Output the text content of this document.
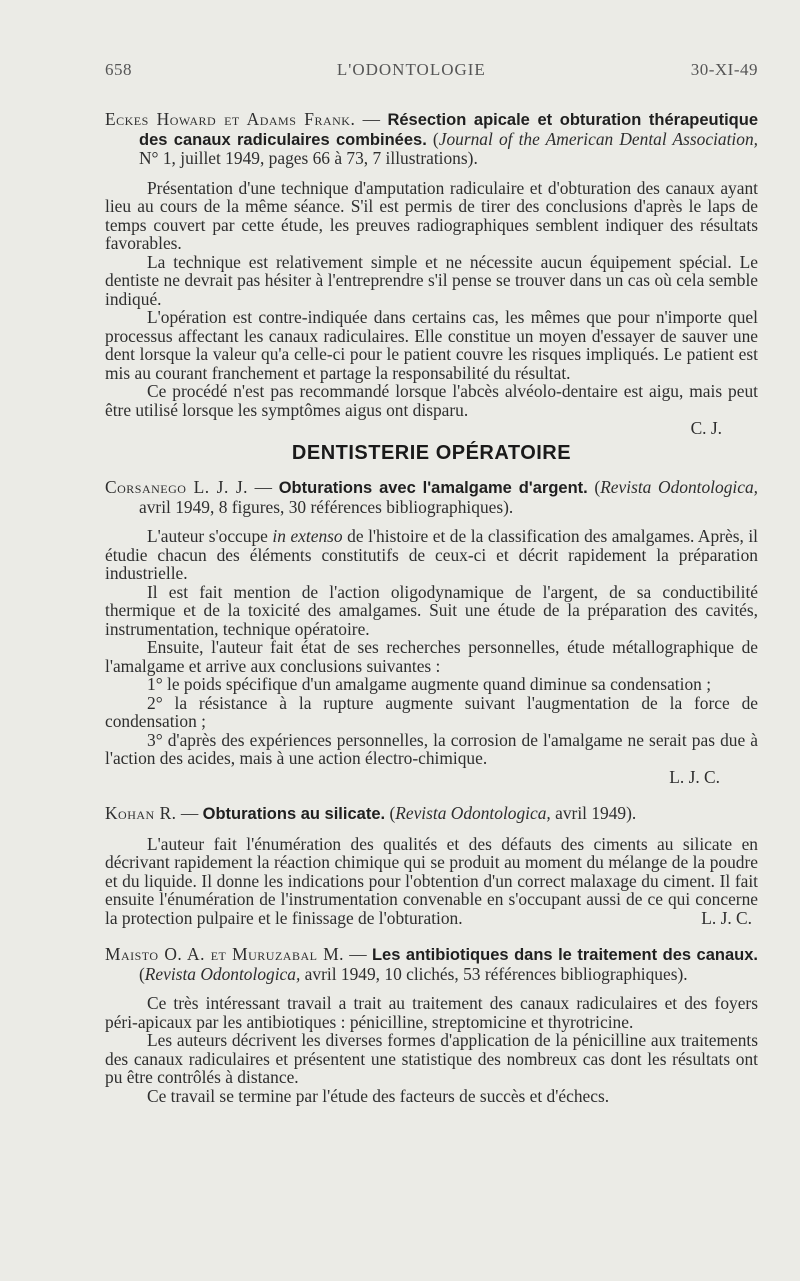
658	L'ODONTOLOGIE	30-XI-49

Eckes Howard et Adams Frank. — Résection apicale et obturation thérapeutique des canaux radiculaires combinées. (Journal of the American Dental Association, N° 1, juillet 1949, pages 66 à 73, 7 illustrations).

Présentation d'une technique d'amputation radiculaire et d'obturation des canaux ayant lieu au cours de la même séance. S'il est permis de tirer des conclusions d'après le laps de temps couvert par cette étude, les preuves radiographiques semblent indiquer des résultats favorables.

La technique est relativement simple et ne nécessite aucun équipement spécial. Le dentiste ne devrait pas hésiter à l'entreprendre s'il pense se trouver dans un cas où cela semble indiqué.

L'opération est contre-indiquée dans certains cas, les mêmes que pour n'importe quel processus affectant les canaux radiculaires. Elle constitue un moyen d'essayer de sauver une dent lorsque la valeur qu'a celle-ci pour le patient couvre les risques impliqués. Le patient est mis au courant franchement et partage la responsabilité du résultat.

Ce procédé n'est pas recommandé lorsque l'abcès alvéolo-dentaire est aigu, mais peut être utilisé lorsque les symptômes aigus ont disparu.

C. J.

DENTISTERIE OPÉRATOIRE

Corsanego L. J. J. — Obturations avec l'amalgame d'argent. (Revista Odontologica, avril 1949, 8 figures, 30 références bibliographiques).

L'auteur s'occupe in extenso de l'histoire et de la classification des amalgames. Après, il étudie chacun des éléments constitutifs de ceux-ci et décrit rapidement la préparation industrielle.

Il est fait mention de l'action oligodynamique de l'argent, de sa conductibilité thermique et de la toxicité des amalgames. Suit une étude de la préparation des cavités, instrumentation, technique opératoire.

Ensuite, l'auteur fait état de ses recherches personnelles, étude métallographique de l'amalgame et arrive aux conclusions suivantes :

1° le poids spécifique d'un amalgame augmente quand diminue sa condensation ;

2° la résistance à la rupture augmente suivant l'augmentation de la force de condensation ;

3° d'après des expériences personnelles, la corrosion de l'amalgame ne serait pas due à l'action des acides, mais à une action électro-chimique.

L. J. C.

Kohan R. — Obturations au silicate. (Revista Odontologica, avril 1949).

L'auteur fait l'énumération des qualités et des défauts des ciments au silicate en décrivant rapidement la réaction chimique qui se produit au moment du mélange de la poudre et du liquide. Il donne les indications pour l'obtention d'un correct malaxage du ciment. Il fait ensuite l'énumération de l'instrumentation convenable en s'occupant aussi de ce qui concerne la protection pulpaire et le finissage de l'obturation.	L. J. C.

Maisto O. A. et Muruzabal M. — Les antibiotiques dans le traitement des canaux. (Revista Odontologica, avril 1949, 10 clichés, 53 références bibliographiques).

Ce très intéressant travail a trait au traitement des canaux radiculaires et des foyers péri-apicaux par les antibiotiques : pénicilline, streptomicine et thyrotricine.

Les auteurs décrivent les diverses formes d'application de la pénicilline aux traitements des canaux radiculaires et présentent une statistique des nombreux cas dont les résultats ont pu être contrôlés à distance.

Ce travail se termine par l'étude des facteurs de succès et d'échecs.
